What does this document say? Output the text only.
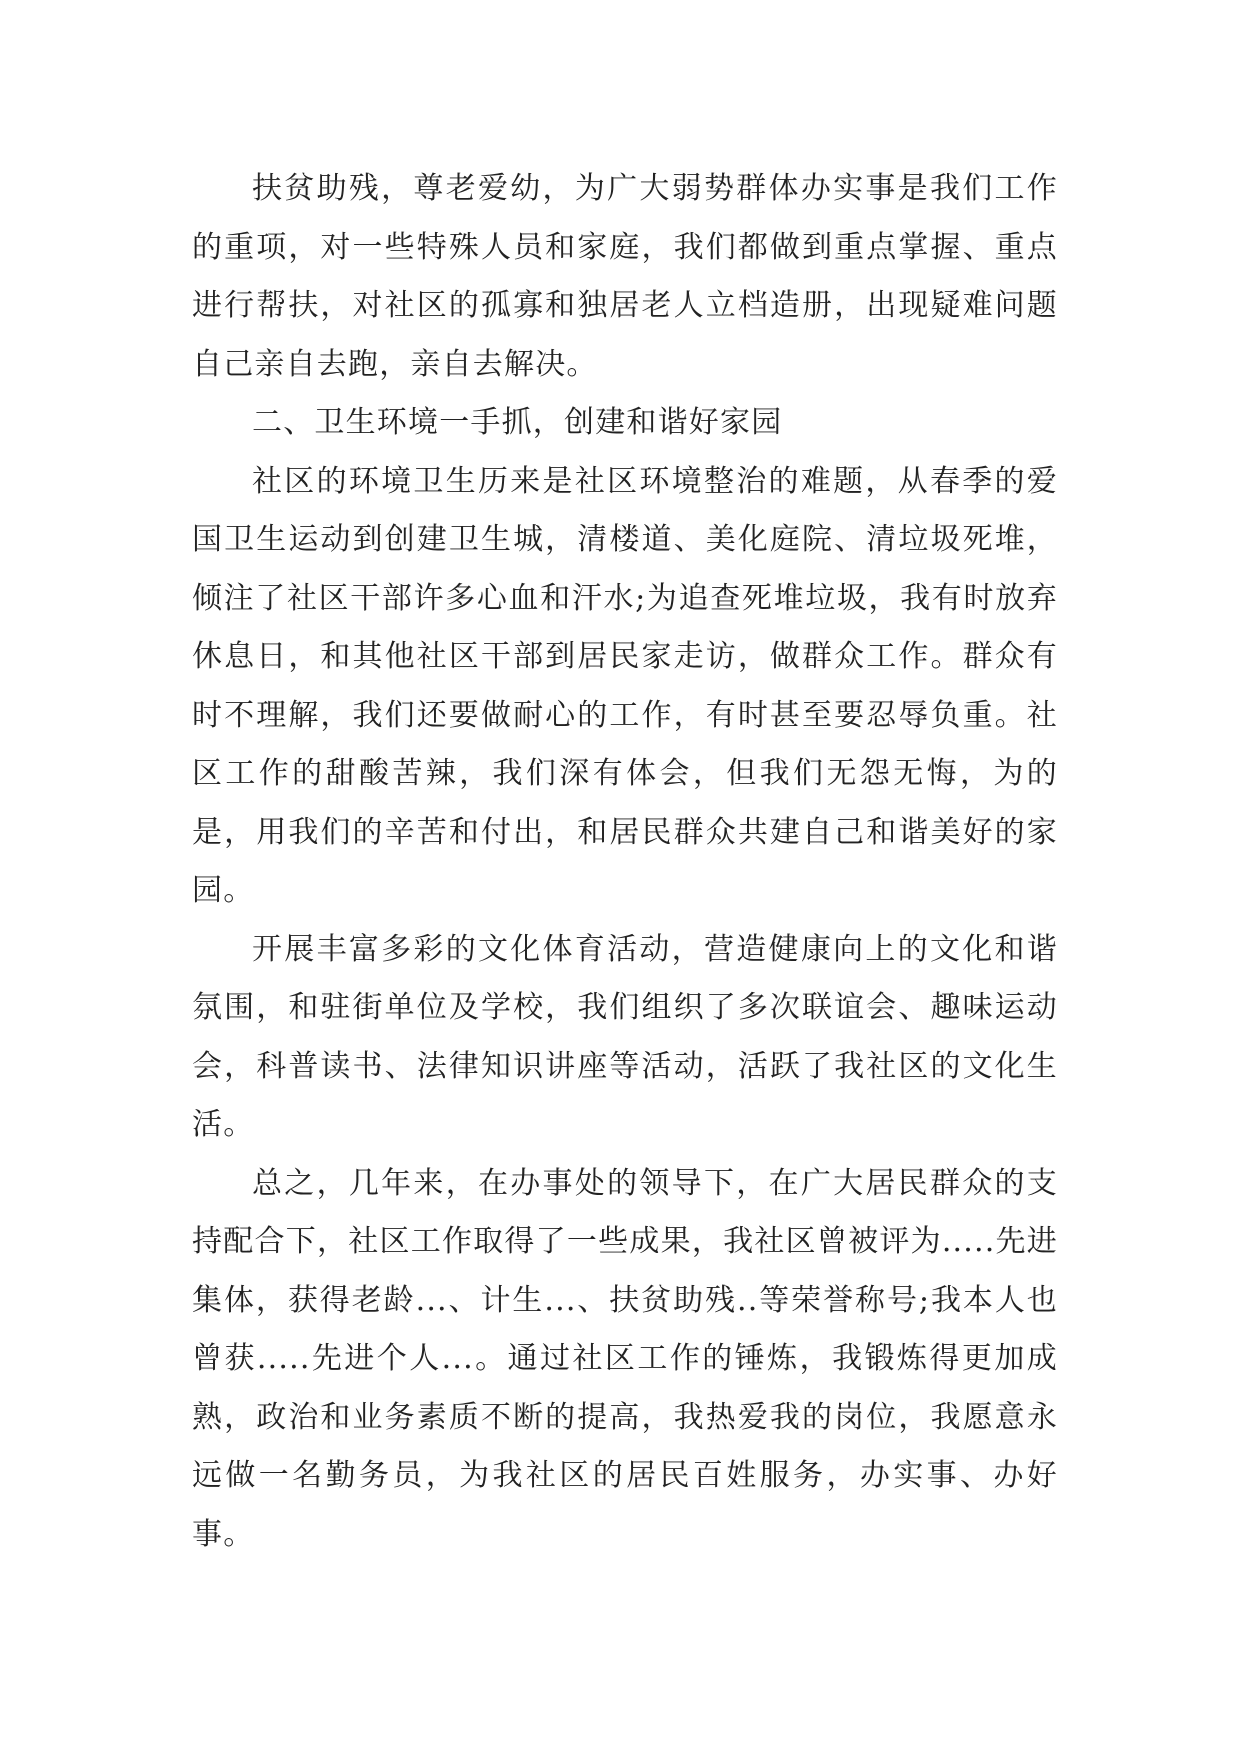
扶贫助残，尊老爱幼，为广大弱势群体办实事是我们工作的重项，对一些特殊人员和家庭，我们都做到重点掌握、重点进行帮扶，对社区的孤寡和独居老人立档造册，出现疑难问题自己亲自去跑，亲自去解决。

二、卫生环境一手抓，创建和谐好家园

社区的环境卫生历来是社区环境整治的难题，从春季的爱国卫生运动到创建卫生城，清楼道、美化庭院、清垃圾死堆，倾注了社区干部许多心血和汗水;为追查死堆垃圾，我有时放弃休息日，和其他社区干部到居民家走访，做群众工作。群众有时不理解，我们还要做耐心的工作，有时甚至要忍辱负重。社区工作的甜酸苦辣，我们深有体会，但我们无怨无悔，为的是，用我们的辛苦和付出，和居民群众共建自己和谐美好的家园。

开展丰富多彩的文化体育活动，营造健康向上的文化和谐氛围，和驻街单位及学校，我们组织了多次联谊会、趣味运动会，科普读书、法律知识讲座等活动，活跃了我社区的文化生活。

总之，几年来，在办事处的领导下，在广大居民群众的支持配合下，社区工作取得了一些成果，我社区曾被评为.....先进集体，获得老龄...、计生...、扶贫助残..等荣誉称号;我本人也曾获.....先进个人...。通过社区工作的锤炼，我锻炼得更加成熟，政治和业务素质不断的提高，我热爱我的岗位，我愿意永远做一名勤务员，为我社区的居民百姓服务，办实事、办好事。
